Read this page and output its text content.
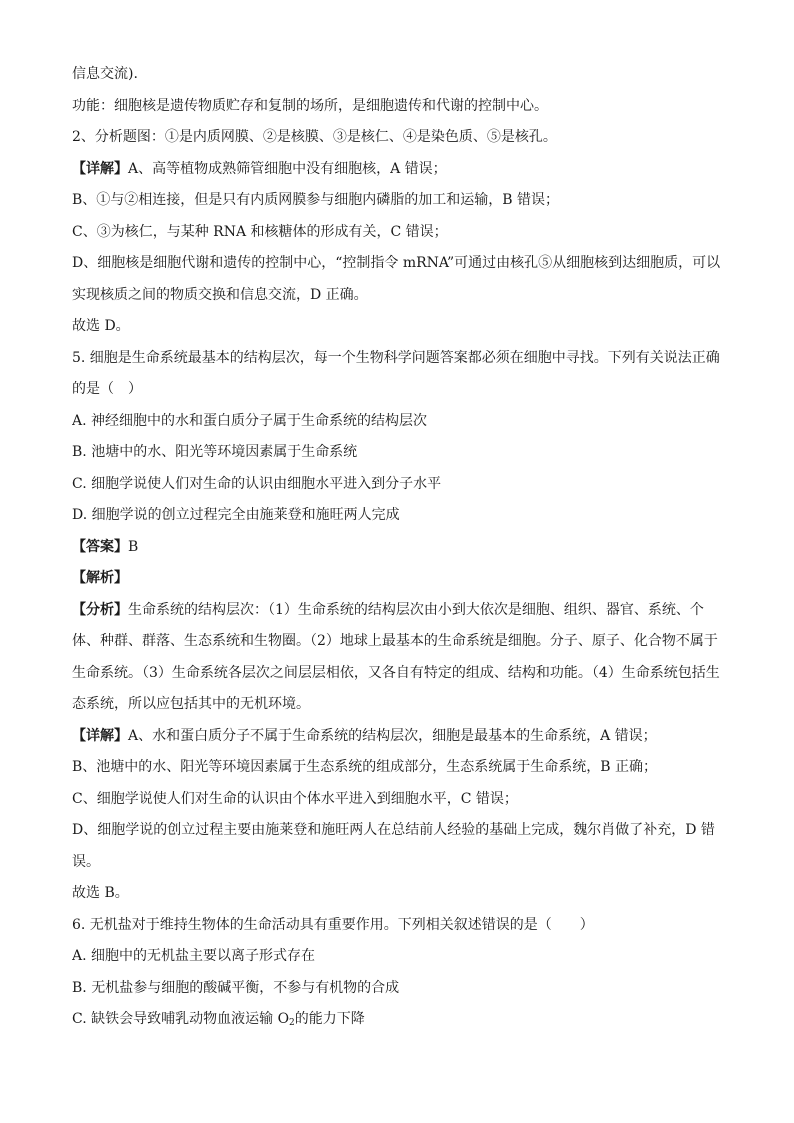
信息交流).
功能：细胞核是遗传物质贮存和复制的场所，是细胞遗传和代谢的控制中心。
2、分析题图：①是内质网膜、②是核膜、③是核仁、④是染色质、⑤是核孔。
【详解】A、高等植物成熟筛管细胞中没有细胞核，A 错误；
B、①与②相连接，但是只有内质网膜参与细胞内磷脂的加工和运输，B 错误；
C、③为核仁，与某种 RNA 和核糖体的形成有关，C 错误；
D、细胞核是细胞代谢和遗传的控制中心，“控制指令 mRNA”可通过由核孔⑤从细胞核到达细胞质，可以
实现核质之间的物质交换和信息交流，D 正确。
故选 D。
5. 细胞是生命系统最基本的结构层次，每一个生物科学问题答案都必须在细胞中寻找。下列有关说法正确
的是（　）
A. 神经细胞中的水和蛋白质分子属于生命系统的结构层次
B. 池塘中的水、阳光等环境因素属于生命系统
C. 细胞学说使人们对生命的认识由细胞水平进入到分子水平
D. 细胞学说的创立过程完全由施莱登和施旺两人完成
【答案】B
【解析】
【分析】生命系统的结构层次：（1）生命系统的结构层次由小到大依次是细胞、组织、器官、系统、个
体、种群、群落、生态系统和生物圈。（2）地球上最基本的生命系统是细胞。分子、原子、化合物不属于
生命系统。（3）生命系统各层次之间层层相依，又各自有特定的组成、结构和功能。（4）生命系统包括生
态系统，所以应包括其中的无机环境。
【详解】A、水和蛋白质分子不属于生命系统的结构层次，细胞是最基本的生命系统，A 错误；
B、池塘中的水、阳光等环境因素属于生态系统的组成部分，生态系统属于生命系统，B 正确；
C、细胞学说使人们对生命的认识由个体水平进入到细胞水平，C 错误；
D、细胞学说的创立过程主要由施莱登和施旺两人在总结前人经验的基础上完成，魏尔肖做了补充，D 错
误。
故选 B。
6. 无机盐对于维持生物体的生命活动具有重要作用。下列相关叙述错误的是（　　）
A. 细胞中的无机盐主要以离子形式存在
B. 无机盐参与细胞的酸碱平衡，不参与有机物的合成
C. 缺铁会导致哺乳动物血液运输 $O_2$的能力下降
